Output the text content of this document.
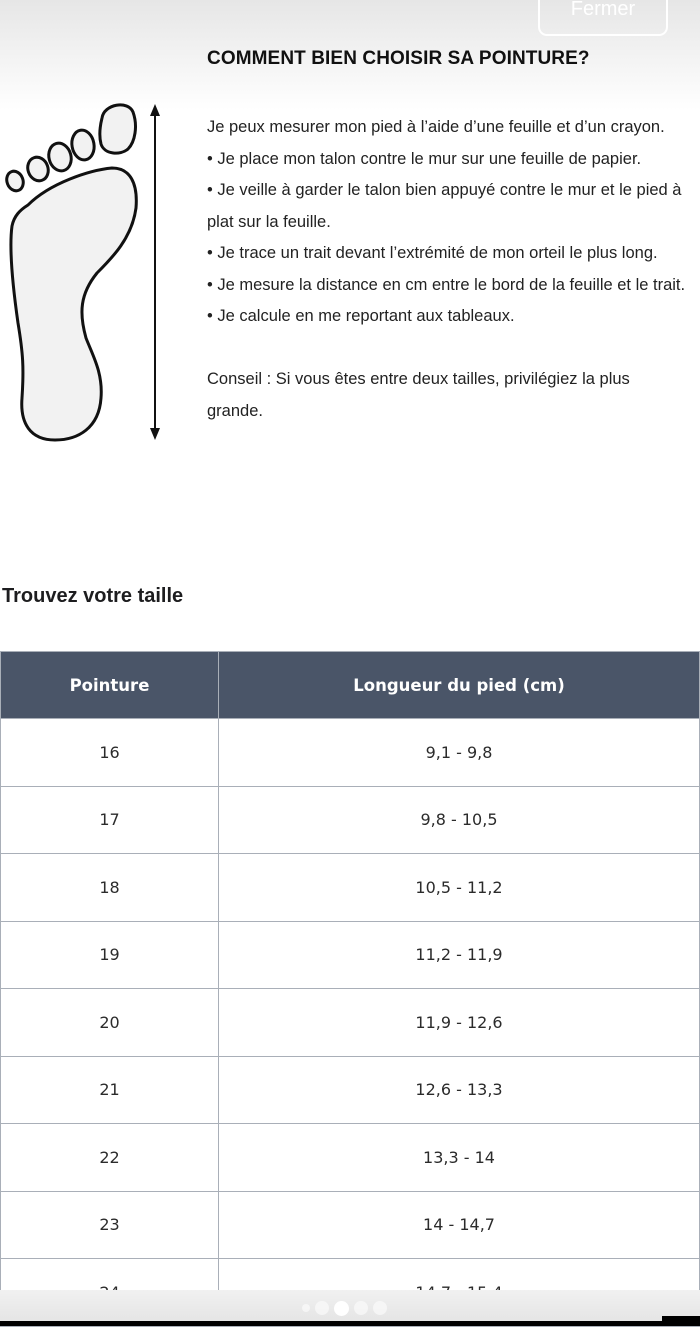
Fermer
COMMENT BIEN CHOISIR SA POINTURE?

Je peux mesurer mon pied à l’aide d’une feuille et d’un crayon.

• Je place mon talon contre le mur sur une feuille de papier.

• Je veille à garder le talon bien appuyé contre le mur et le pied à plat sur la feuille.

• Je trace un trait devant l’extrémité de mon orteil le plus long.

• Je mesure la distance en cm entre le bord de la feuille et le trait.

• Je calcule en me reportant aux tableaux.

Conseil : Si vous êtes entre deux tailles, privilégiez la plus grande.

Trouvez votre taille
Pointure	Longueur du pied (cm)
16	9,1 - 9,8
17	9,8 - 10,5
18	10,5 - 11,2
19	11,2 - 11,9
20	11,9 - 12,6
21	12,6 - 13,3
22	13,3 - 14
23	14 - 14,7
